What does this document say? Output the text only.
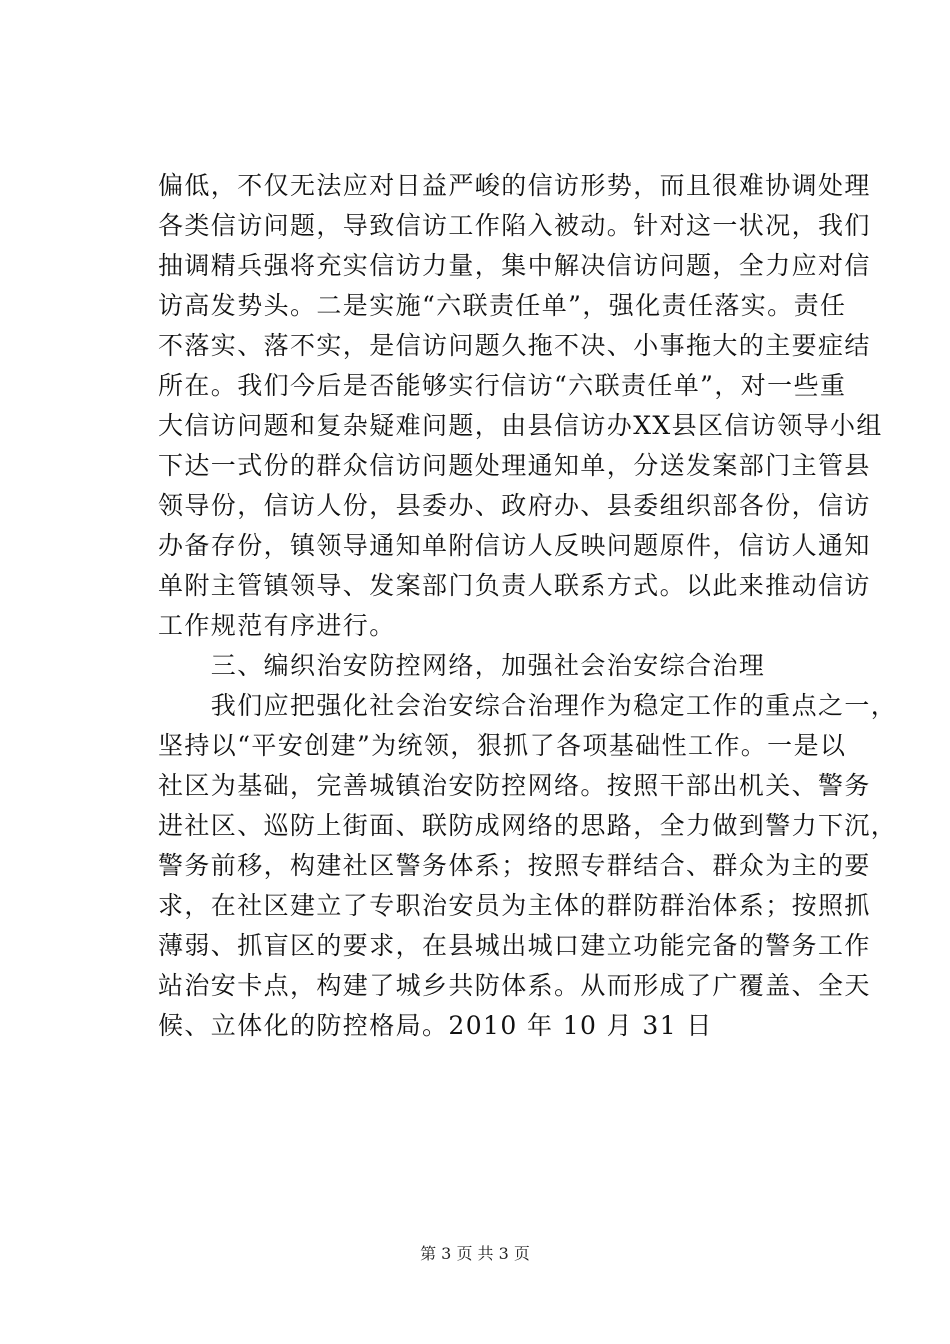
偏低，不仅无法应对日益严峻的信访形势，而且很难协调处理
各类信访问题，导致信访工作陷入被动。针对这一状况，我们
抽调精兵强将充实信访力量，集中解决信访问题，全力应对信
访高发势头。二是实施“六联责任单”，强化责任落实。责任
不落实、落不实，是信访问题久拖不决、小事拖大的主要症结
所在。我们今后是否能够实行信访“六联责任单”，对一些重
大信访问题和复杂疑难问题，由县信访办XX县区信访领导小组
下达一式份的群众信访问题处理通知单，分送发案部门主管县
领导份，信访人份，县委办、政府办、县委组织部各份，信访
办备存份，镇领导通知单附信访人反映问题原件，信访人通知
单附主管镇领导、发案部门负责人联系方式。以此来推动信访
工作规范有序进行。
　　三、编织治安防控网络，加强社会治安综合治理
　　我们应把强化社会治安综合治理作为稳定工作的重点之一，
坚持以“平安创建”为统领，狠抓了各项基础性工作。一是以
社区为基础，完善城镇治安防控网络。按照干部出机关、警务
进社区、巡防上街面、联防成网络的思路，全力做到警力下沉，
警务前移，构建社区警务体系；按照专群结合、群众为主的要
求，在社区建立了专职治安员为主体的群防群治体系；按照抓
薄弱、抓盲区的要求，在县城出城口建立功能完备的警务工作
站治安卡点，构建了城乡共防体系。从而形成了广覆盖、全天
候、立体化的防控格局。2010 年 10 月 31 日
第 3 页 共 3 页
